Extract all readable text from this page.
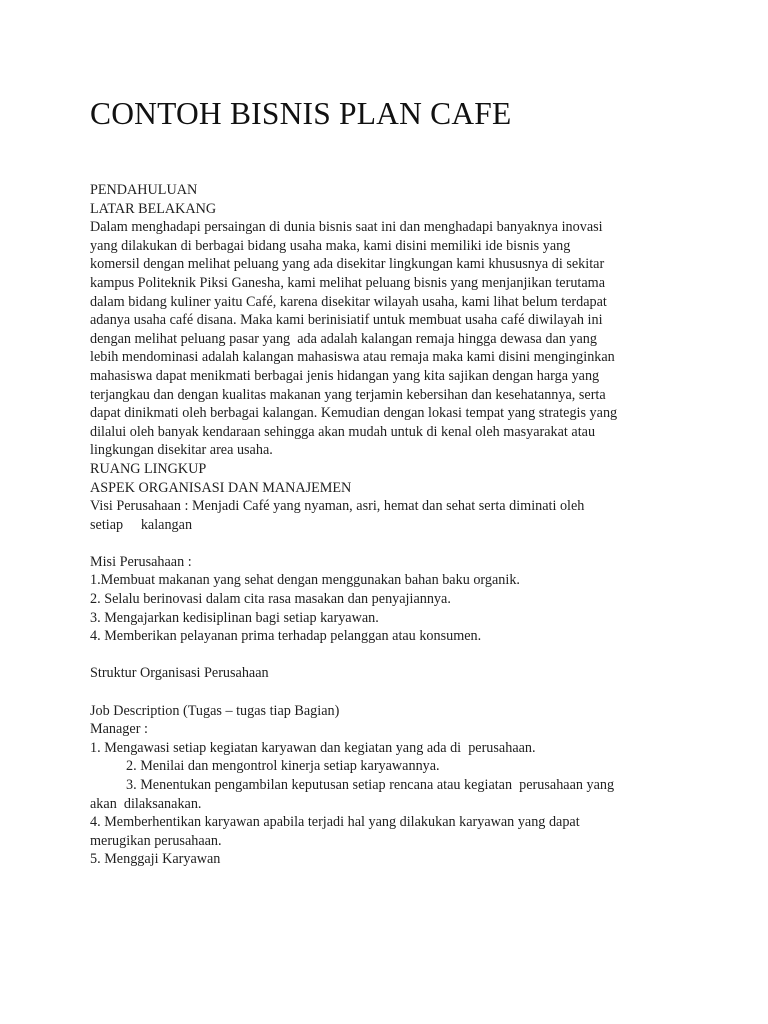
CONTOH BISNIS PLAN CAFE
PENDAHULUAN
LATAR BELAKANG
Dalam menghadapi persaingan di dunia bisnis saat ini dan menghadapi banyaknya inovasi
yang dilakukan di berbagai bidang usaha maka, kami disini memiliki ide bisnis yang
komersil dengan melihat peluang yang ada disekitar lingkungan kami khususnya di sekitar
kampus Politeknik Piksi Ganesha, kami melihat peluang bisnis yang menjanjikan terutama
dalam bidang kuliner yaitu Café, karena disekitar wilayah usaha, kami lihat belum terdapat
adanya usaha café disana. Maka kami berinisiatif untuk membuat usaha café diwilayah ini
dengan melihat peluang pasar yang  ada adalah kalangan remaja hingga dewasa dan yang
lebih mendominasi adalah kalangan mahasiswa atau remaja maka kami disini menginginkan
mahasiswa dapat menikmati berbagai jenis hidangan yang kita sajikan dengan harga yang
terjangkau dan dengan kualitas makanan yang terjamin kebersihan dan kesehatannya, serta
dapat dinikmati oleh berbagai kalangan. Kemudian dengan lokasi tempat yang strategis yang
dilalui oleh banyak kendaraan sehingga akan mudah untuk di kenal oleh masyarakat atau
lingkungan disekitar area usaha.
RUANG LINGKUP
ASPEK ORGANISASI DAN MANAJEMEN
Visi Perusahaan : Menjadi Café yang nyaman, asri, hemat dan sehat serta diminati oleh
setiap     kalangan
Misi Perusahaan :
1.Membuat makanan yang sehat dengan menggunakan bahan baku organik.
2. Selalu berinovasi dalam cita rasa masakan dan penyajiannya.
3. Mengajarkan kedisiplinan bagi setiap karyawan.
4. Memberikan pelayanan prima terhadap pelanggan atau konsumen.
Struktur Organisasi Perusahaan
Job Description (Tugas – tugas tiap Bagian)
Manager :
1. Mengawasi setiap kegiatan karyawan dan kegiatan yang ada di  perusahaan.
2. Menilai dan mengontrol kinerja setiap karyawannya.
3. Menentukan pengambilan keputusan setiap rencana atau kegiatan  perusahaan yang
akan  dilaksanakan.
4. Memberhentikan karyawan apabila terjadi hal yang dilakukan karyawan yang dapat
merugikan perusahaan.
5. Menggaji Karyawan
